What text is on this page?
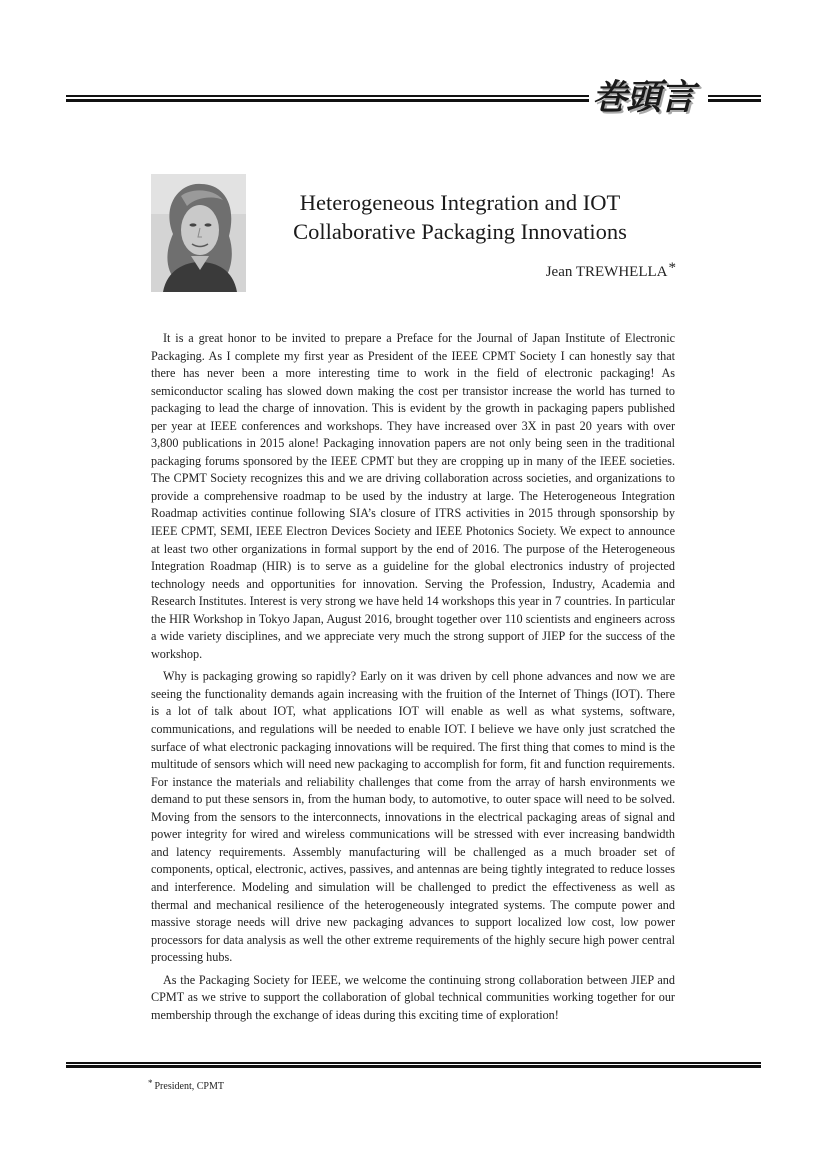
巻頭言
Heterogeneous Integration and IOT
Collaborative Packaging Innovations
Jean TREWHELLA*

It is a great honor to be invited to prepare a Preface for the Journal of Japan Institute of Electronic Packaging. As I complete my first year as President of the IEEE CPMT Society I can honestly say that there has never been a more interesting time to work in the field of electronic packaging! As semiconductor scaling has slowed down making the cost per transistor increase the world has turned to packaging to lead the charge of innovation. This is evident by the growth in packaging papers published per year at IEEE conferences and workshops. They have increased over 3X in past 20 years with over 3,800 publications in 2015 alone! Packaging innovation papers are not only being seen in the traditional packaging forums sponsored by the IEEE CPMT but they are cropping up in many of the IEEE societies. The CPMT Society recognizes this and we are driving collaboration across societies, and organizations to provide a comprehensive roadmap to be used by the industry at large. The Heterogeneous Integration Roadmap activities continue following SIA’s closure of ITRS activities in 2015 through sponsorship by IEEE CPMT, SEMI, IEEE Electron Devices Society and IEEE Photonics Society. We expect to announce at least two other organizations in formal support by the end of 2016. The purpose of the Heterogeneous Integration Roadmap (HIR) is to serve as a guideline for the global electronics industry of projected technology needs and opportunities for innovation. Serving the Profession, Industry, Academia and Research Institutes. Interest is very strong we have held 14 workshops this year in 7 countries. In particular the HIR Workshop in Tokyo Japan, August 2016, brought together over 110 scientists and engineers across a wide variety disciplines, and we appreciate very much the strong support of JIEP for the success of the workshop.

Why is packaging growing so rapidly? Early on it was driven by cell phone advances and now we are seeing the functionality demands again increasing with the fruition of the Internet of Things (IOT). There is a lot of talk about IOT, what applications IOT will enable as well as what systems, software, communications, and regulations will be needed to enable IOT. I believe we have only just scratched the surface of what electronic packaging innovations will be required. The first thing that comes to mind is the multitude of sensors which will need new packaging to accomplish for form, fit and function requirements. For instance the materials and reliability challenges that come from the array of harsh environments we demand to put these sensors in, from the human body, to automotive, to outer space will need to be solved. Moving from the sensors to the interconnects, innovations in the electrical packaging areas of signal and power integrity for wired and wireless communications will be stressed with ever increasing bandwidth and latency requirements. Assembly manufacturing will be challenged as a much broader set of components, optical, electronic, actives, passives, and antennas are being tightly integrated to reduce losses and interference. Modeling and simulation will be challenged to predict the effectiveness as well as thermal and mechanical resilience of the heterogeneously integrated systems. The compute power and massive storage needs will drive new packaging advances to support localized low cost, low power processors for data analysis as well the other extreme requirements of the highly secure high power central processing hubs.

As the Packaging Society for IEEE, we welcome the continuing strong collaboration between JIEP and CPMT as we strive to support the collaboration of global technical communities working together for our membership through the exchange of ideas during this exciting time of exploration!

* President, CPMT
